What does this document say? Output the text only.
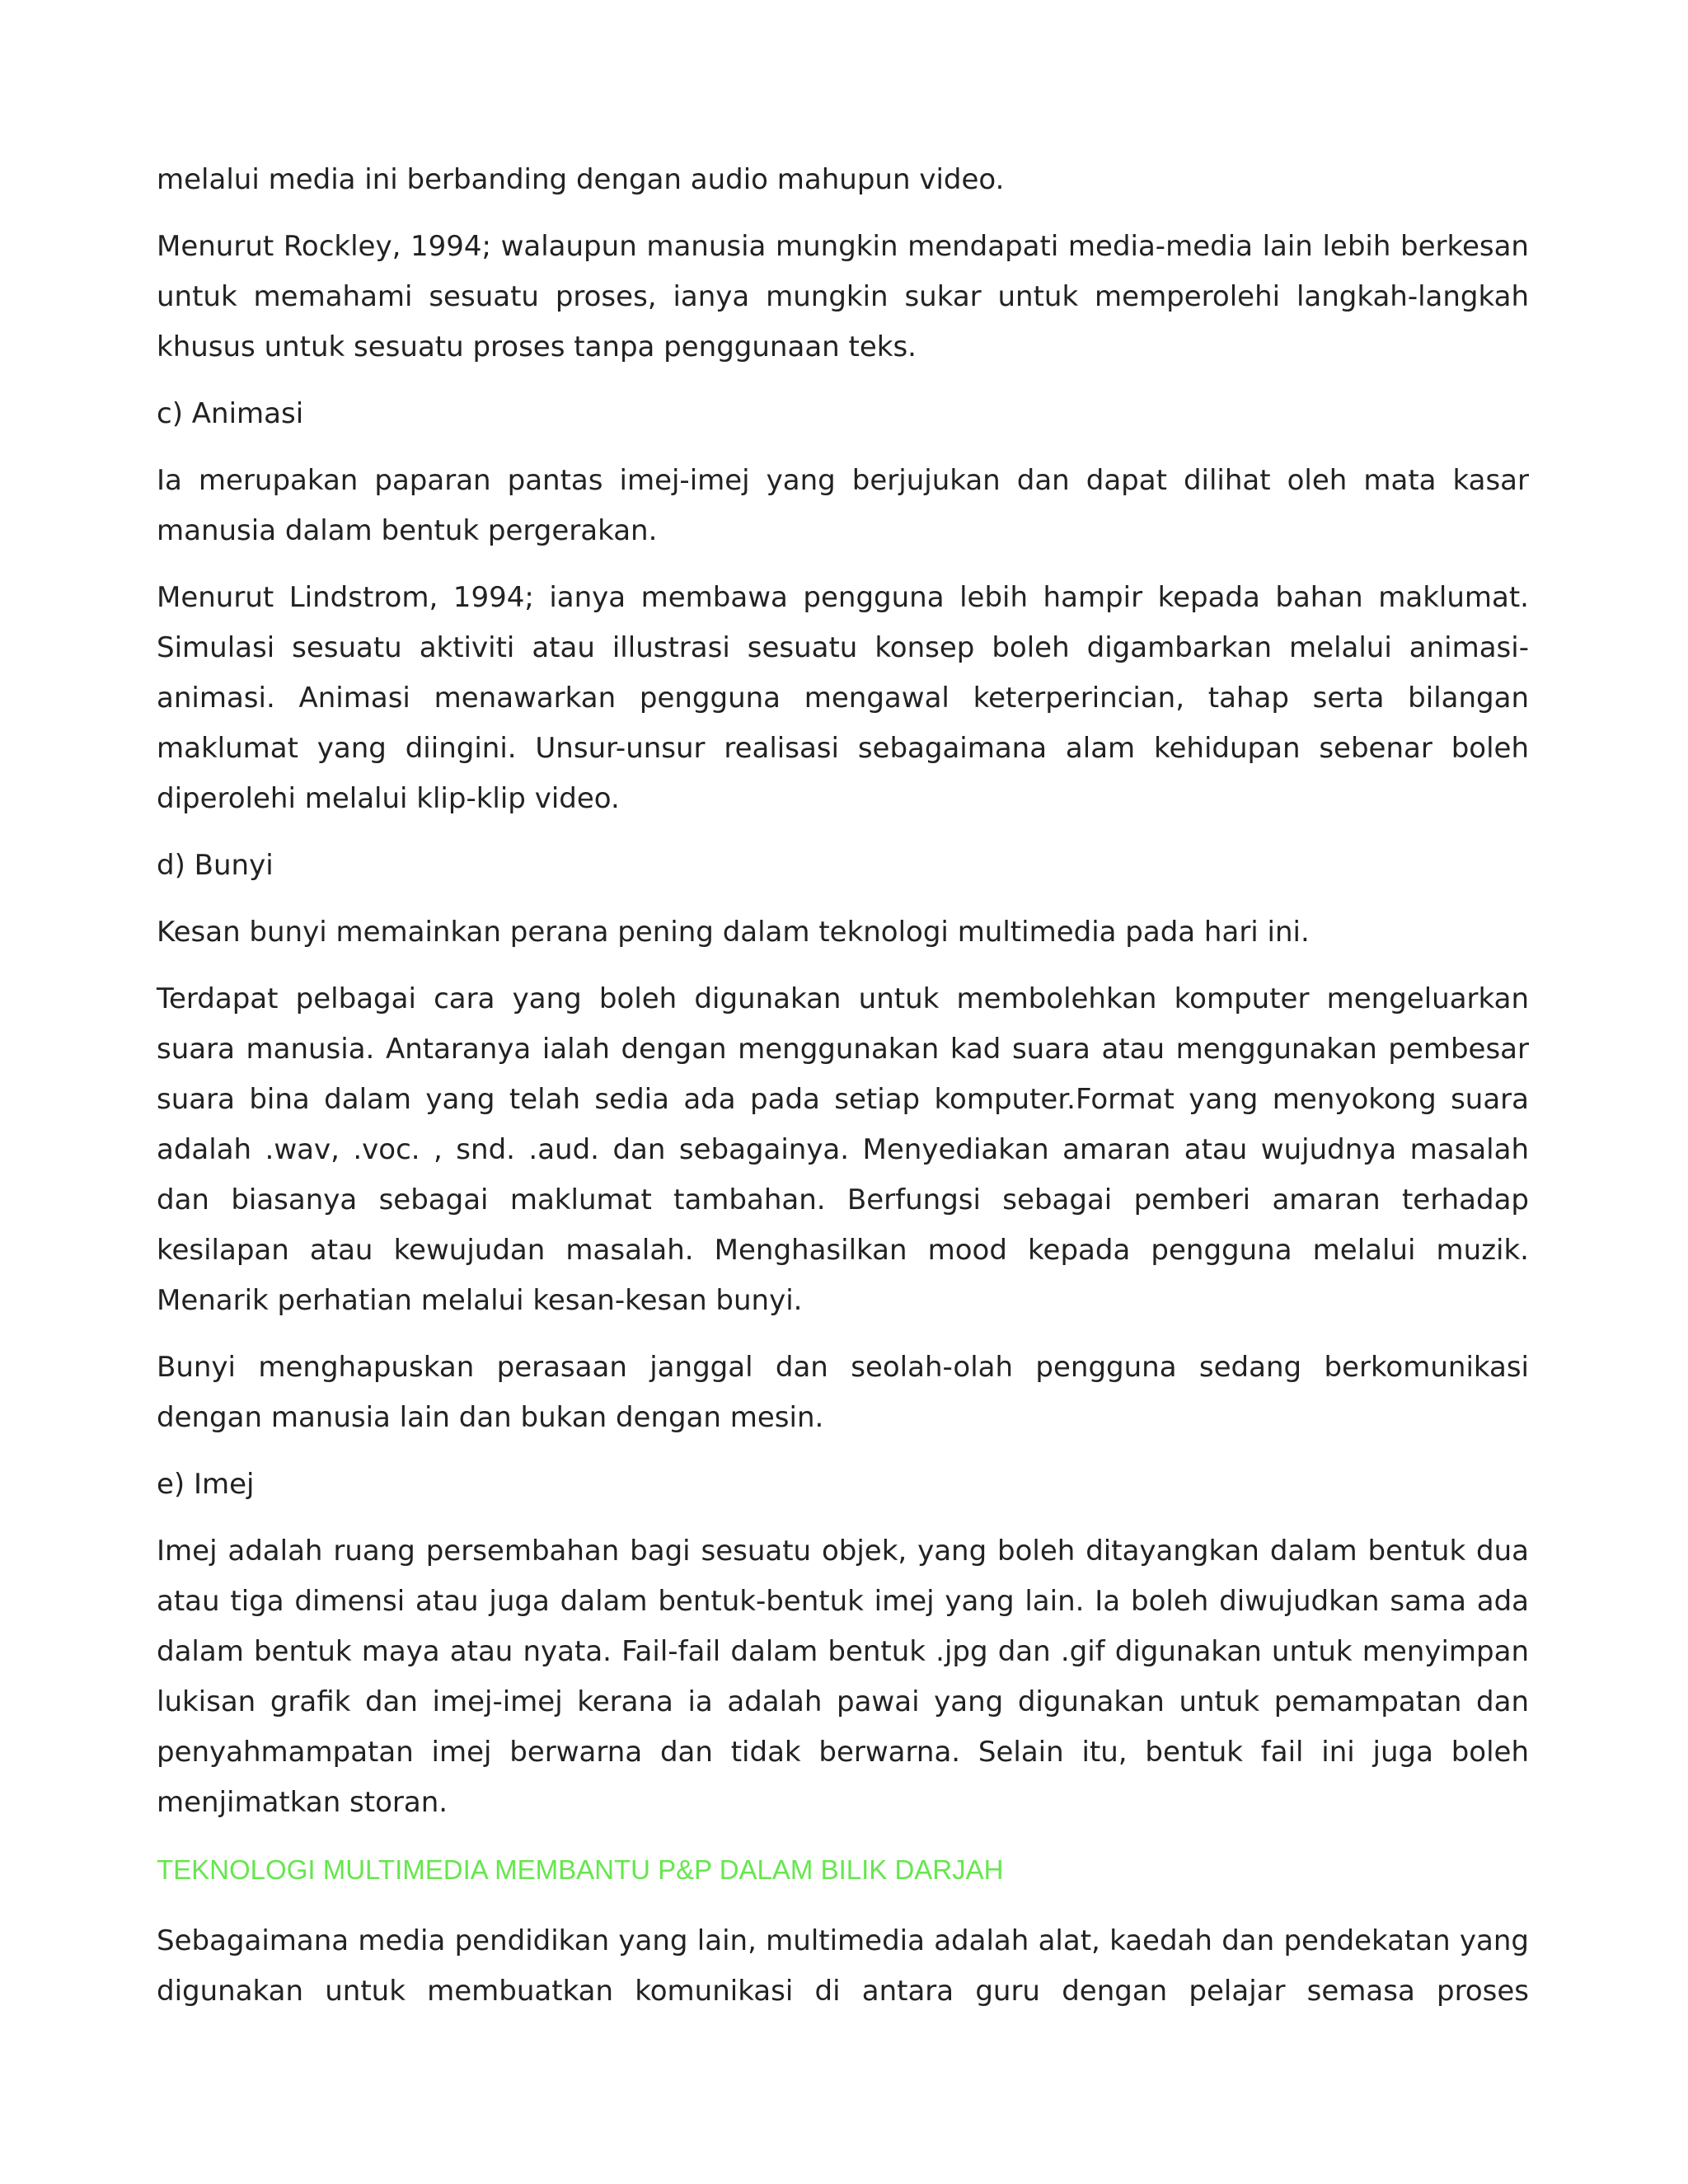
melalui media ini berbanding dengan audio mahupun video.

Menurut Rockley, 1994; walaupun manusia mungkin mendapati media-media lain lebih berkesan untuk memahami sesuatu proses, ianya mungkin sukar untuk memperolehi langkah-langkah khusus untuk sesuatu proses tanpa penggunaan teks.

c) Animasi

Ia merupakan paparan pantas imej-imej yang berjujukan dan dapat dilihat oleh mata kasar manusia dalam bentuk pergerakan.

Menurut Lindstrom, 1994; ianya membawa pengguna lebih hampir kepada bahan maklumat. Simulasi sesuatu aktiviti atau illustrasi sesuatu konsep boleh digambarkan melalui animasi-animasi. Animasi menawarkan pengguna mengawal keterperincian, tahap serta bilangan maklumat yang diingini. Unsur-unsur realisasi sebagaimana alam kehidupan sebenar boleh diperolehi melalui klip-klip video.

d) Bunyi

Kesan bunyi memainkan perana pening dalam teknologi multimedia pada hari ini.

Terdapat pelbagai cara yang boleh digunakan untuk membolehkan komputer mengeluarkan suara manusia. Antaranya ialah dengan menggunakan kad suara atau menggunakan pembesar suara bina dalam yang telah sedia ada pada setiap komputer.Format yang menyokong suara adalah .wav, .voc. , snd. .aud. dan sebagainya. Menyediakan amaran atau wujudnya masalah dan biasanya sebagai maklumat tambahan. Berfungsi sebagai pemberi amaran terhadap kesilapan atau kewujudan masalah. Menghasilkan mood kepada pengguna melalui muzik. Menarik perhatian melalui kesan-kesan bunyi.

Bunyi menghapuskan perasaan janggal dan seolah-olah pengguna sedang berkomunikasi dengan manusia lain dan bukan dengan mesin.

e) Imej

Imej adalah ruang persembahan bagi sesuatu objek, yang boleh ditayangkan dalam bentuk dua atau tiga dimensi atau juga dalam bentuk-bentuk imej yang lain. Ia boleh diwujudkan sama ada dalam bentuk maya atau nyata. Fail-fail dalam bentuk .jpg dan .gif digunakan untuk menyimpan lukisan grafik dan imej-imej kerana ia adalah pawai yang digunakan untuk pemampatan dan penyahmampatan imej berwarna dan tidak berwarna. Selain itu, bentuk fail ini juga boleh menjimatkan storan.

TEKNOLOGI MULTIMEDIA MEMBANTU P&P DALAM BILIK DARJAH

Sebagaimana media pendidikan yang lain, multimedia adalah alat, kaedah dan pendekatan yang digunakan untuk membuatkan komunikasi di antara guru dengan pelajar semasa proses
